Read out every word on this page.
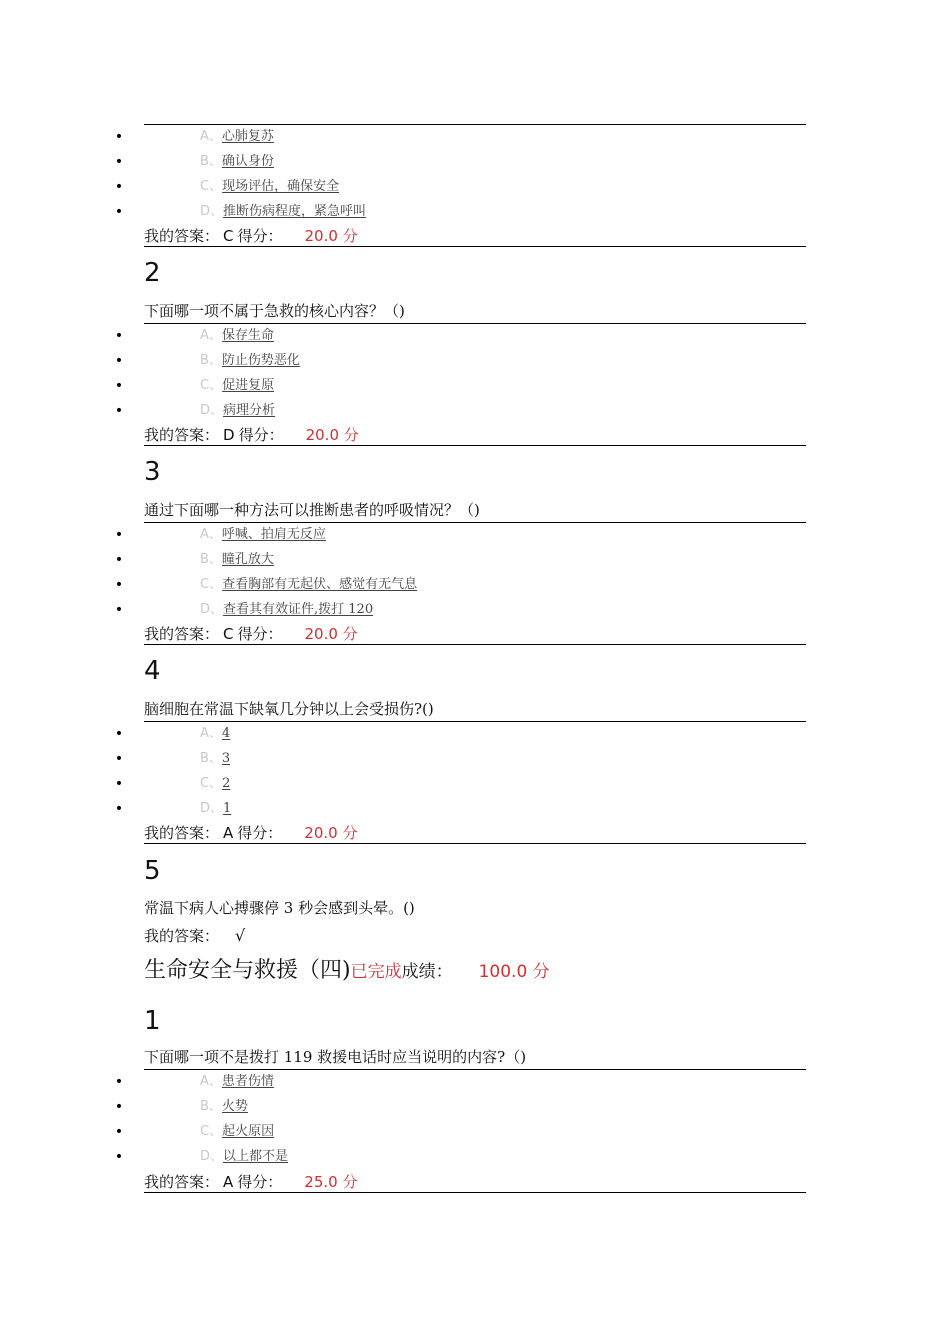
•	A、心肺复苏
•	B、确认身份
•	C、现场评估，确保安全
•	D、推断伤病程度，紧急呼叫
我的答案： C 得分： 20.0 分
2
下面哪一项不属于急救的核心内容？（)
•	A、保存生命
•	B、防止伤势恶化
•	C、促进复原
•	D、病理分析
我的答案： D 得分： 20.0 分
3
通过下面哪一种方法可以推断患者的呼吸情况？（)
•	A、呼喊、拍肩无反应
•	B、瞳孔放大
•	C、查看胸部有无起伏、感觉有无气息
•	D、查看其有效证件,拨打 120
我的答案： C 得分： 20.0 分
4
脑细胞在常温下缺氧几分钟以上会受损伤?()
•	A、4
•	B、3
•	C、2
•	D、1
我的答案： A 得分： 20.0 分
5
常温下病人心搏骤停 3 秒会感到头晕。()
我的答案： √
生命安全与救援（四)已完成成绩： 100.0 分
1
下面哪一项不是拨打 119 救援电话时应当说明的内容?（)
•	A、患者伤情
•	B、火势
•	C、起火原因
•	D、以上都不是
我的答案： A 得分： 25.0 分
